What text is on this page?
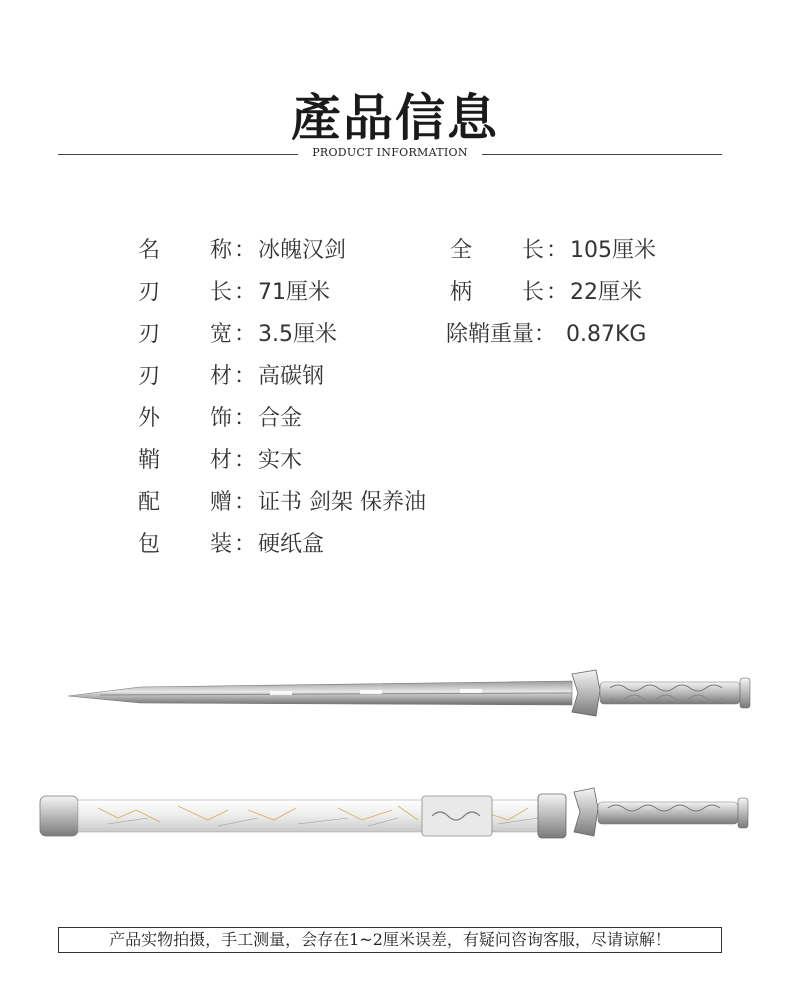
產品信息
PRODUCT INFORMATION
名 称 ： 冰魄汉剑
刃 长 ： 71厘米
刃 宽 ： 3.5厘米
刃 材 ： 高碳钢
外 饰 ： 合金
鞘 材 ： 实木
配 赠 ： 证书 剑架 保养油
包 装 ： 硬纸盒
全 长 ： 105厘米
柄 长 ： 22厘米
除鞘重量 ： 0.87KG
产品实物拍摄，手工测量，会存在1~2厘米误差，有疑问咨询客服，尽请谅解！
